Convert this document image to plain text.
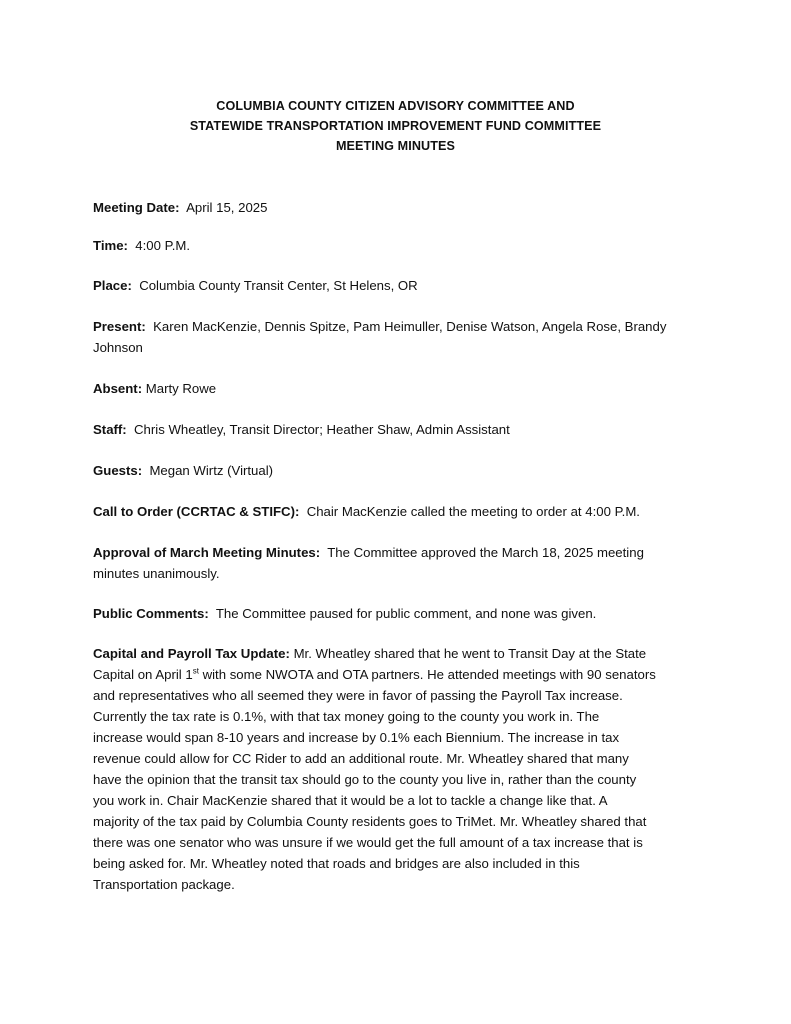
COLUMBIA COUNTY CITIZEN ADVISORY COMMITTEE AND
STATEWIDE TRANSPORTATION IMPROVEMENT FUND COMMITTEE
MEETING MINUTES

Meeting Date: April 15, 2025

Time: 4:00 P.M.

Place: Columbia County Transit Center, St Helens, OR

Present: Karen MacKenzie, Dennis Spitze, Pam Heimuller, Denise Watson, Angela Rose, Brandy
Johnson

Absent: Marty Rowe

Staff: Chris Wheatley, Transit Director; Heather Shaw, Admin Assistant

Guests: Megan Wirtz (Virtual)

Call to Order (CCRTAC & STIFC): Chair MacKenzie called the meeting to order at 4:00 P.M.

Approval of March Meeting Minutes: The Committee approved the March 18, 2025 meeting
minutes unanimously.

Public Comments: The Committee paused for public comment, and none was given.

Capital and Payroll Tax Update: Mr. Wheatley shared that he went to Transit Day at the State
Capital on April 1st with some NWOTA and OTA partners. He attended meetings with 90 senators
and representatives who all seemed they were in favor of passing the Payroll Tax increase.
Currently the tax rate is 0.1%, with that tax money going to the county you work in. The
increase would span 8-10 years and increase by 0.1% each Biennium. The increase in tax
revenue could allow for CC Rider to add an additional route. Mr. Wheatley shared that many
have the opinion that the transit tax should go to the county you live in, rather than the county
you work in. Chair MacKenzie shared that it would be a lot to tackle a change like that. A
majority of the tax paid by Columbia County residents goes to TriMet. Mr. Wheatley shared that
there was one senator who was unsure if we would get the full amount of a tax increase that is
being asked for. Mr. Wheatley noted that roads and bridges are also included in this
Transportation package.
